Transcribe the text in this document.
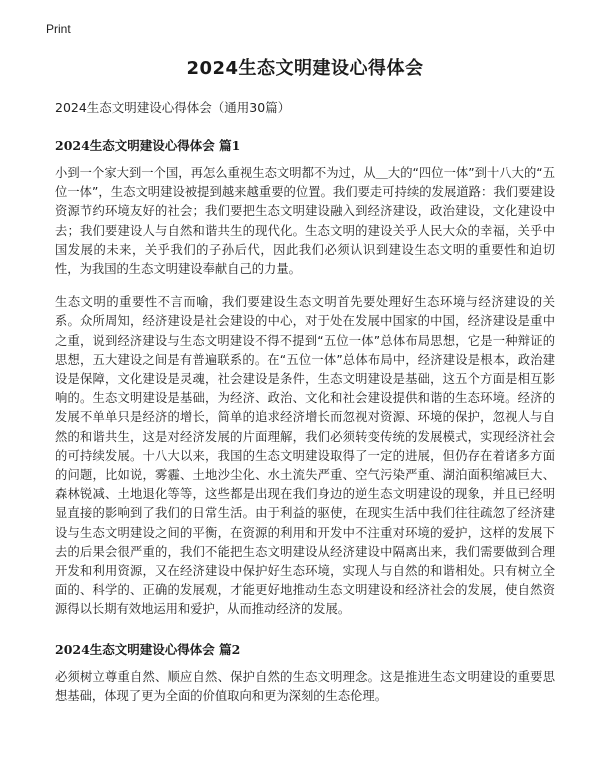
Print
2024生态文明建设心得体会
2024生态文明建设心得体会（通用30篇）
2024生态文明建设心得体会 篇1
小到一个家大到一个国，再怎么重视生态文明都不为过，从＿大的“四位一体”到十八大的“五位一体”，生态文明建设被提到越来越重要的位置。我们要走可持续的发展道路：我们要建设资源节约环境友好的社会；我们要把生态文明建设融入到经济建设，政治建设，文化建设中去；我们要建设人与自然和谐共生的现代化。生态文明的建设关乎人民大众的幸福，关乎中国发展的未来，关乎我们的子孙后代，因此我们必须认识到建设生态文明的重要性和迫切性，为我国的生态文明建设奉献自己的力量。
生态文明的重要性不言而喻，我们要建设生态文明首先要处理好生态环境与经济建设的关系。众所周知，经济建设是社会建设的中心，对于处在发展中国家的中国，经济建设是重中之重，说到经济建设与生态文明建设不得不提到“五位一体”总体布局思想，它是一种辩证的思想，五大建设之间是有普遍联系的。在“五位一体”总体布局中，经济建设是根本，政治建设是保障，文化建设是灵魂，社会建设是条件，生态文明建设是基础，这五个方面是相互影响的。生态文明建设是基础，为经济、政治、文化和社会建设提供和谐的生态环境。经济的发展不单单只是经济的增长，简单的追求经济增长而忽视对资源、环境的保护，忽视人与自然的和谐共生，这是对经济发展的片面理解，我们必须转变传统的发展模式，实现经济社会的可持续发展。十八大以来，我国的生态文明建设取得了一定的进展，但仍存在着诸多方面的问题，比如说，雾霾、土地沙尘化、水土流失严重、空气污染严重、湖泊面积缩减巨大、森林锐减、土地退化等等，这些都是出现在我们身边的逆生态文明建设的现象，并且已经明显直接的影响到了我们的日常生活。由于利益的驱使，在现实生活中我们往往疏忽了经济建设与生态文明建设之间的平衡，在资源的利用和开发中不注重对环境的爱护，这样的发展下去的后果会很严重的，我们不能把生态文明建设从经济建设中隔离出来，我们需要做到合理开发和利用资源，又在经济建设中保护好生态环境，实现人与自然的和谐相处。只有树立全面的、科学的、正确的发展观，才能更好地推动生态文明建设和经济社会的发展，使自然资源得以长期有效地运用和爱护，从而推动经济的发展。
2024生态文明建设心得体会 篇2
必须树立尊重自然、顺应自然、保护自然的生态文明理念。这是推进生态文明建设的重要思想基础，体现了更为全面的价值取向和更为深刻的生态伦理。
